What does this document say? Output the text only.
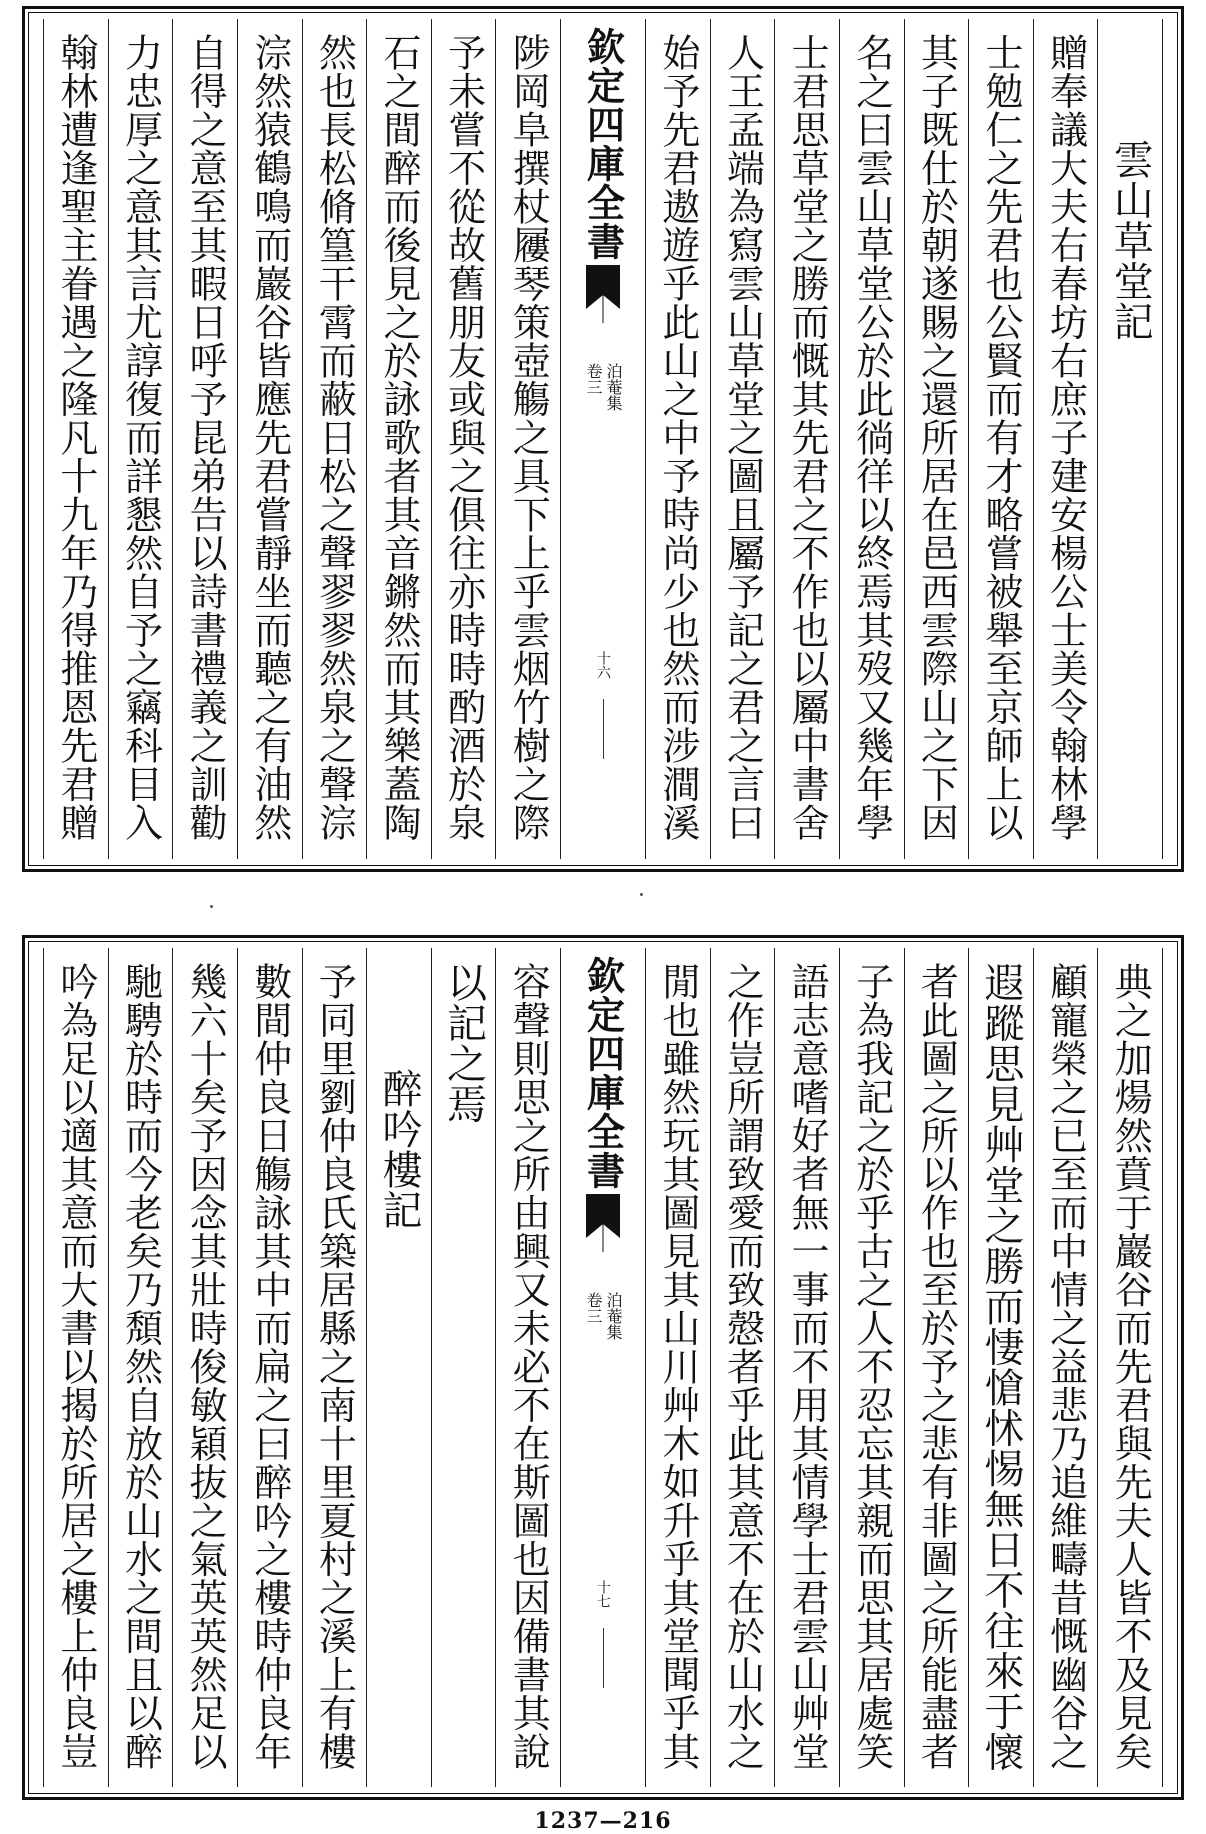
雲山草堂記
贈奉議大夫右春坊右庶子建安楊公士美令翰林學
士勉仁之先君也公賢而有才略嘗被舉至京師上以
其子既仕於朝遂賜之還所居在邑西雲際山之下因
名之曰雲山草堂公於此徜徉以終焉其歿又幾年學
士君思草堂之勝而慨其先君之不作也以屬中書舍
人王孟端為寫雲山草堂之圖且屬予記之君之言曰
始予先君遨遊乎此山之中予時尚少也然而涉澗溪
欽定四庫全書
泊菴集
卷三
十六
陟岡阜撰杖屨琴策壺觴之具下上乎雲烟竹樹之際
予未嘗不從故舊朋友或與之俱往亦時時酌酒於泉
石之間醉而後見之於詠歌者其音鏘然而其樂蓋陶
然也長松脩篁干霄而蔽日松之聲翏翏然泉之聲淙
淙然猿鶴鳴而巖谷皆應先君嘗靜坐而聽之有油然
自得之意至其暇日呼予昆弟告以詩書禮義之訓勸
力忠厚之意其言尤諄復而詳懇然自予之竊科目入
翰林遭逢聖主眷遇之隆凡十九年乃得推恩先君贈
典之加煬然賁于巖谷而先君與先夫人皆不及見矣
顧寵榮之已至而中情之益悲乃追維疇昔慨幽谷之
遐蹤思見艸堂之勝而悽愴怵惕無日不往來于懷
者此圖之所以作也至於予之悲有非圖之所能盡者
子為我記之於乎古之人不忍忘其親而思其居處笑
語志意嗜好者無一事而不用其情學士君雲山艸堂
之作豈所謂致愛而致慤者乎此其意不在於山水之
閒也雖然玩其圖見其山川艸木如升乎其堂聞乎其
欽定四庫全書
泊菴集
卷三
十七
容聲則思之所由興又未必不在斯圖也因備書其說
以記之焉
醉吟樓記
予同里劉仲良氏築居縣之南十里夏村之溪上有樓
數間仲良日觴詠其中而扁之曰醉吟之樓時仲良年
幾六十矣予因念其壯時俊敏穎抜之氣英英然足以
馳騁於時而今老矣乃頽然自放於山水之間且以醉
吟為足以適其意而大書以揭於所居之樓上仲良豈
1237—216
